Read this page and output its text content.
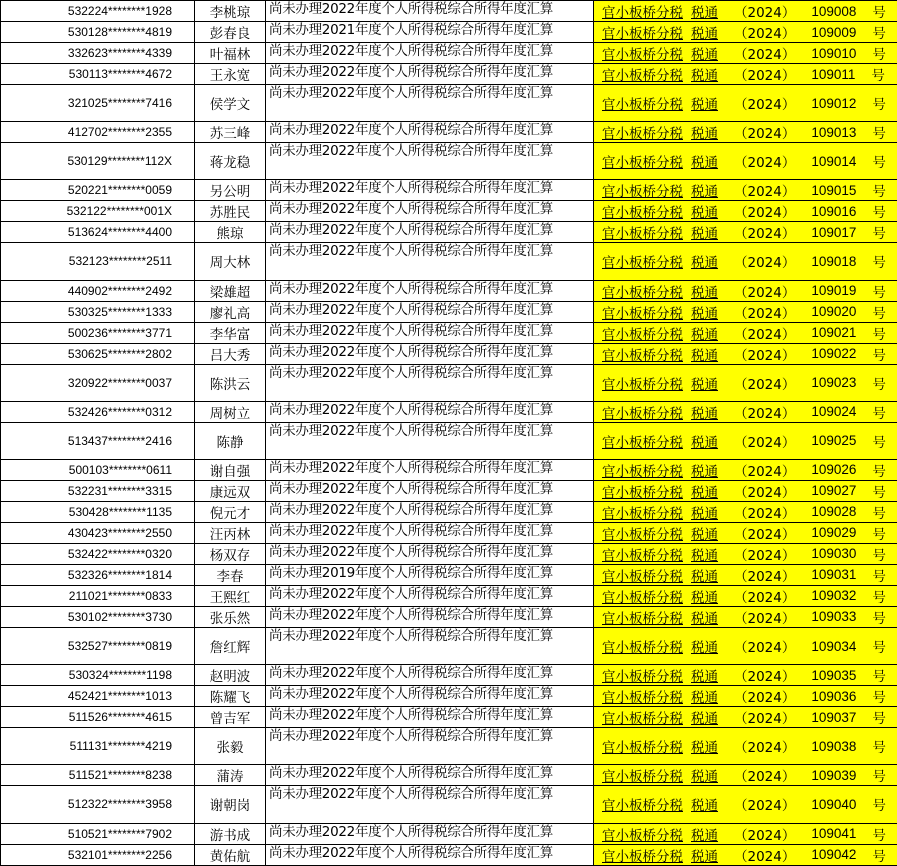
532224********1928	李桃琼	尚未办理2022年度个人所得税综合所得年度汇算	官小板桥分税 税通 （2024） 109008 号

530128********4819	彭春良	尚未办理2021年度个人所得税综合所得年度汇算	官小板桥分税 税通 （2024） 109009 号

332623********4339	叶福林	尚未办理2022年度个人所得税综合所得年度汇算	官小板桥分税 税通 （2024） 109010 号

530113********4672	王永宽	尚未办理2022年度个人所得税综合所得年度汇算	官小板桥分税 税通 （2024） 109011 号

321025********7416	侯学文	尚未办理2022年度个人所得税综合所得年度汇算	官小板桥分税 税通 （2024） 109012 号

412702********2355	苏三峰	尚未办理2022年度个人所得税综合所得年度汇算	官小板桥分税 税通 （2024） 109013 号

530129********112X	蒋龙稳	尚未办理2022年度个人所得税综合所得年度汇算	官小板桥分税 税通 （2024） 109014 号

520221********0059	另公明	尚未办理2022年度个人所得税综合所得年度汇算	官小板桥分税 税通 （2024） 109015 号

532122********001X	苏胜民	尚未办理2022年度个人所得税综合所得年度汇算	官小板桥分税 税通 （2024） 109016 号

513624********4400	熊琼	尚未办理2022年度个人所得税综合所得年度汇算	官小板桥分税 税通 （2024） 109017 号

532123********2511	周大林	尚未办理2022年度个人所得税综合所得年度汇算	官小板桥分税 税通 （2024） 109018 号

440902********2492	梁雄超	尚未办理2022年度个人所得税综合所得年度汇算	官小板桥分税 税通 （2024） 109019 号

530325********1333	廖礼高	尚未办理2022年度个人所得税综合所得年度汇算	官小板桥分税 税通 （2024） 109020 号

500236********3771	李华富	尚未办理2022年度个人所得税综合所得年度汇算	官小板桥分税 税通 （2024） 109021 号

530625********2802	吕大秀	尚未办理2022年度个人所得税综合所得年度汇算	官小板桥分税 税通 （2024） 109022 号

320922********0037	陈洪云	尚未办理2022年度个人所得税综合所得年度汇算	官小板桥分税 税通 （2024） 109023 号

532426********0312	周树立	尚未办理2022年度个人所得税综合所得年度汇算	官小板桥分税 税通 （2024） 109024 号

513437********2416	陈静	尚未办理2022年度个人所得税综合所得年度汇算	官小板桥分税 税通 （2024） 109025 号

500103********0611	谢自强	尚未办理2022年度个人所得税综合所得年度汇算	官小板桥分税 税通 （2024） 109026 号

532231********3315	康远双	尚未办理2022年度个人所得税综合所得年度汇算	官小板桥分税 税通 （2024） 109027 号

530428********1135	倪元才	尚未办理2022年度个人所得税综合所得年度汇算	官小板桥分税 税通 （2024） 109028 号

430423********2550	汪丙林	尚未办理2022年度个人所得税综合所得年度汇算	官小板桥分税 税通 （2024） 109029 号

532422********0320	杨双存	尚未办理2022年度个人所得税综合所得年度汇算	官小板桥分税 税通 （2024） 109030 号

532326********1814	李春	尚未办理2019年度个人所得税综合所得年度汇算	官小板桥分税 税通 （2024） 109031 号

211021********0833	王熙红	尚未办理2022年度个人所得税综合所得年度汇算	官小板桥分税 税通 （2024） 109032 号

530102********3730	张乐然	尚未办理2022年度个人所得税综合所得年度汇算	官小板桥分税 税通 （2024） 109033 号

532527********0819	詹红辉	尚未办理2022年度个人所得税综合所得年度汇算	官小板桥分税 税通 （2024） 109034 号

530324********1198	赵明波	尚未办理2022年度个人所得税综合所得年度汇算	官小板桥分税 税通 （2024） 109035 号

452421********1013	陈耀飞	尚未办理2022年度个人所得税综合所得年度汇算	官小板桥分税 税通 （2024） 109036 号

511526********4615	曾吉军	尚未办理2022年度个人所得税综合所得年度汇算	官小板桥分税 税通 （2024） 109037 号

511131********4219	张毅	尚未办理2022年度个人所得税综合所得年度汇算	官小板桥分税 税通 （2024） 109038 号

511521********8238	蒲涛	尚未办理2022年度个人所得税综合所得年度汇算	官小板桥分税 税通 （2024） 109039 号

512322********3958	谢朝岗	尚未办理2022年度个人所得税综合所得年度汇算	官小板桥分税 税通 （2024） 109040 号

510521********7902	游书成	尚未办理2022年度个人所得税综合所得年度汇算	官小板桥分税 税通 （2024） 109041 号

532101********2256	黄佑航	尚未办理2022年度个人所得税综合所得年度汇算	官小板桥分税 税通 （2024） 109042 号
